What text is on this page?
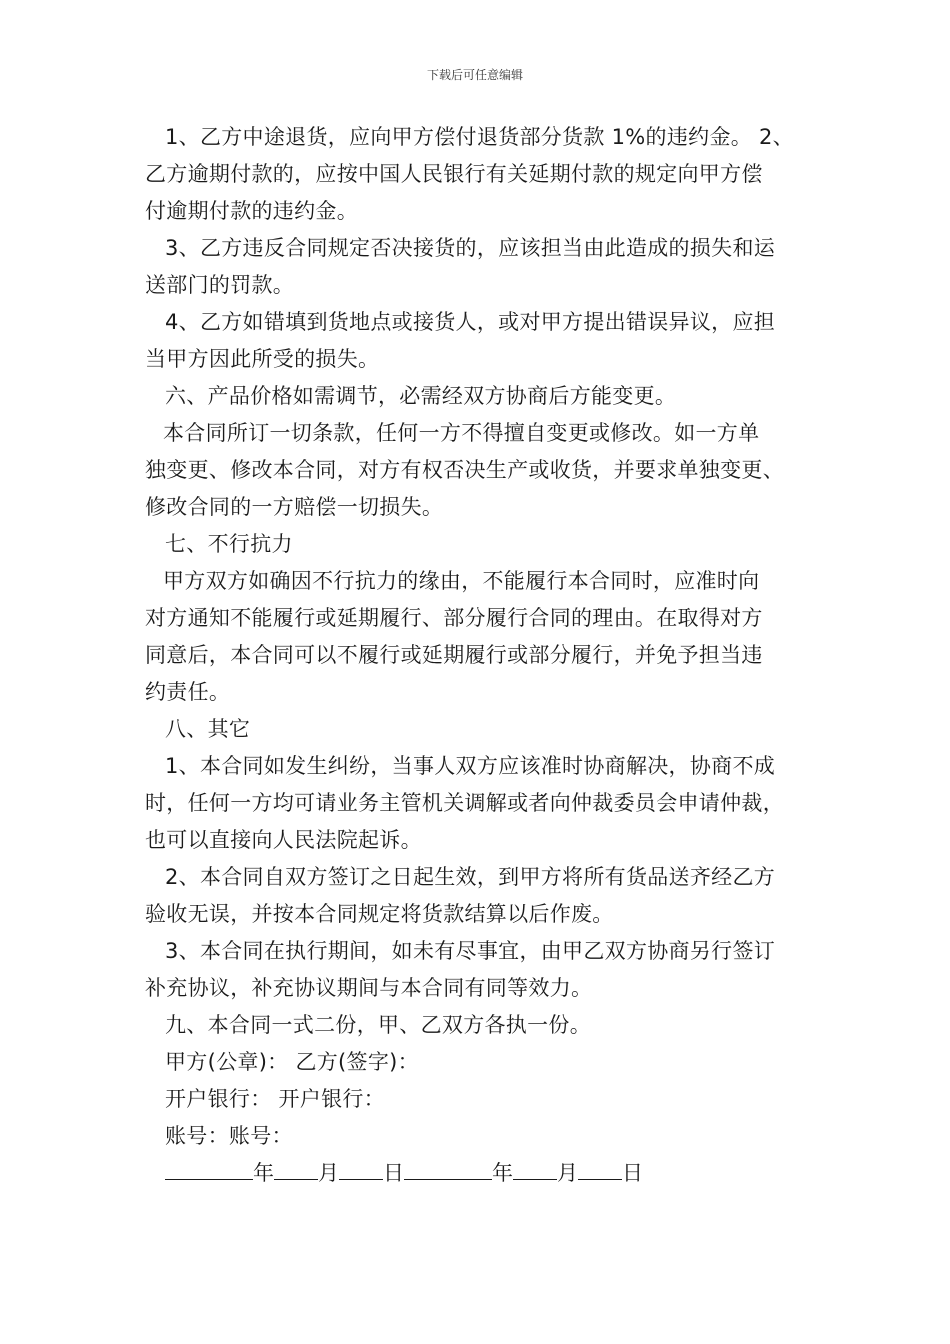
下载后可任意编辑
1、乙方中途退货，应向甲方偿付退货部分货款 1%的违约金。 2、
乙方逾期付款的，应按中国人民银行有关延期付款的规定向甲方偿
付逾期付款的违约金。
3、乙方违反合同规定否决接货的，应该担当由此造成的损失和运
送部门的罚款。
4、乙方如错填到货地点或接货人，或对甲方提出错误异议，应担
当甲方因此所受的损失。
六、产品价格如需调节，必需经双方协商后方能变更。
本合同所订一切条款，任何一方不得擅自变更或修改。如一方单
独变更、修改本合同，对方有权否决生产或收货，并要求单独变更、
修改合同的一方赔偿一切损失。
七、不行抗力
甲方双方如确因不行抗力的缘由，不能履行本合同时，应准时向
对方通知不能履行或延期履行、部分履行合同的理由。在取得对方
同意后，本合同可以不履行或延期履行或部分履行，并免予担当违
约责任。
八、其它
1、本合同如发生纠纷，当事人双方应该准时协商解决，协商不成
时，任何一方均可请业务主管机关调解或者向仲裁委员会申请仲裁，
也可以直接向人民法院起诉。
2、本合同自双方签订之日起生效，到甲方将所有货品送齐经乙方
验收无误，并按本合同规定将货款结算以后作废。
3、本合同在执行期间，如未有尽事宜，由甲乙双方协商另行签订
补充协议，补充协议期间与本合同有同等效力。
九、本合同一式二份，甲、乙双方各执一份。
甲方(公章)： 乙方(签字)：
开户银行： 开户银行：
账号：账号：
年 月 日	年 月 日
